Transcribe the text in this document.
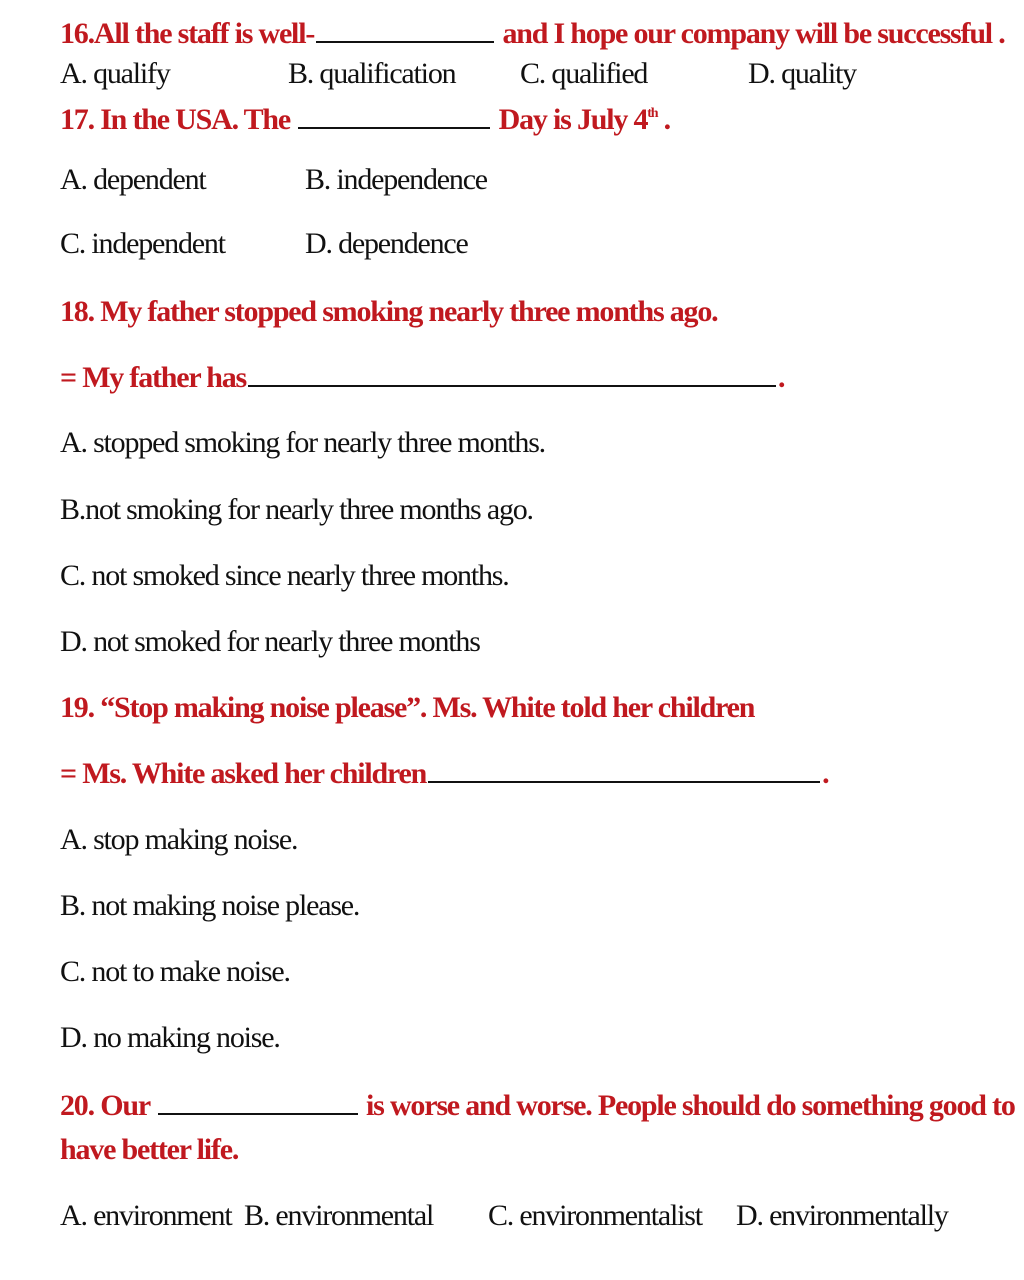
16.All the staff is well-	and I hope our company will be successful .
A. qualify	B. qualification C. qualified	D. quality
17. In the USA. The	Day is July 4th .
A. dependent	B. independence
C. independent	D. dependence
18. My father stopped smoking nearly three months ago.
= My father has	.
A. stopped smoking for nearly three months.
B.not smoking for nearly three months ago.
C. not smoked since nearly three months.
D. not smoked for nearly three months
19. “Stop making noise please”. Ms. White told her children
= Ms. White asked her children	.
A. stop making noise.
B. not making noise please.
C. not to make noise.
D. no making noise.
20. Our	is worse and worse. People should do something good to
have better life.
A. environment B. environmental C. environmentalist D. environmentally
